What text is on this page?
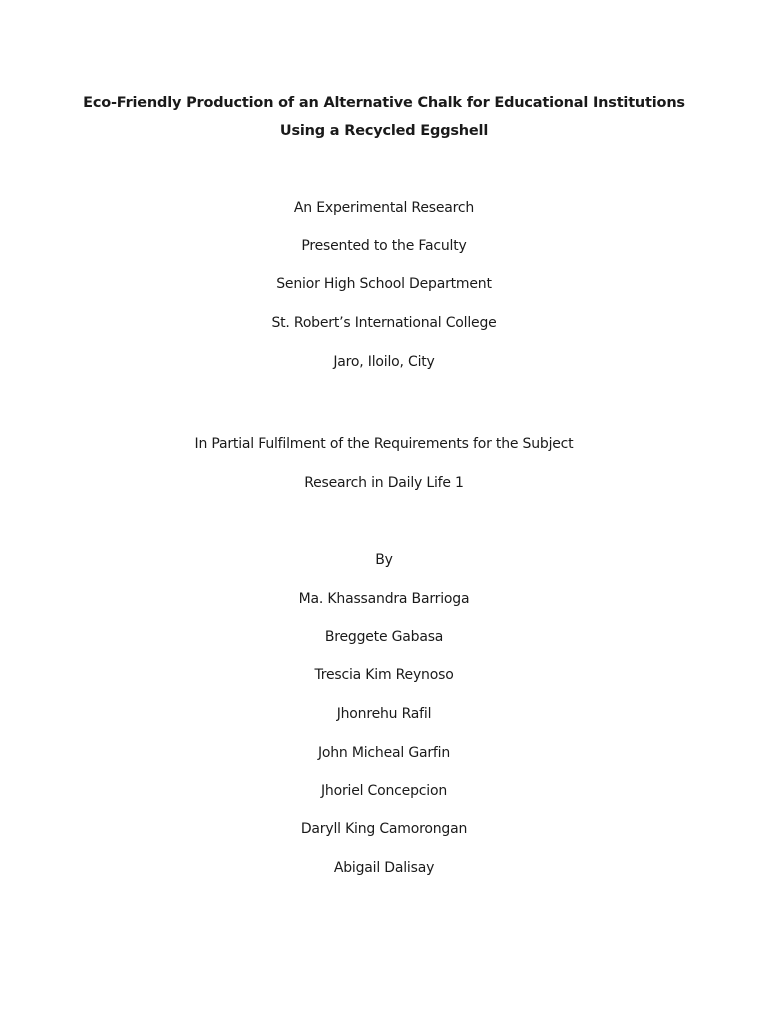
Eco-Friendly Production of an Alternative Chalk for Educational Institutions
Using a Recycled Eggshell
An Experimental Research
Presented to the Faculty
Senior High School Department
St. Robert’s International College
Jaro, Iloilo, City
In Partial Fulfilment of the Requirements for the Subject
Research in Daily Life 1
By
Ma. Khassandra Barrioga
Breggete Gabasa
Trescia Kim Reynoso
Jhonrehu Rafil
John Micheal Garfin
Jhoriel Concepcion
Daryll King Camorongan
Abigail Dalisay
